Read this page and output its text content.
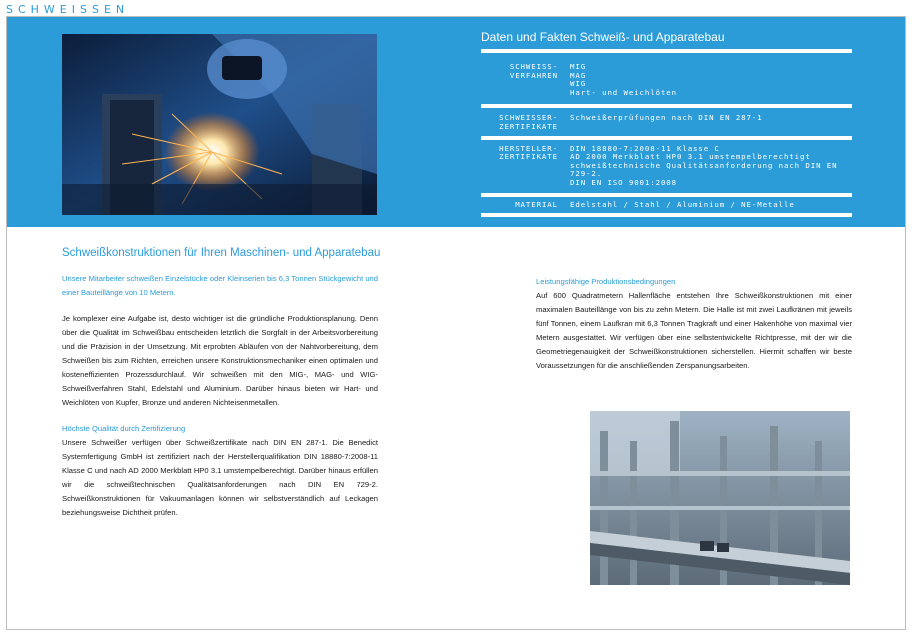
SCHWEISSEN
Daten und Fakten Schweiß- und Apparatebau
SCHWEISS-
VERFAHREN
MIG
MAG
WIG
Hart- und Weichlöten
SCHWEISSER-
ZERTIFIKATE
Schweißerprüfungen nach DIN EN 287-1
HERSTELLER-
ZERTIFIKATE
DIN 18880-7:2008-11 Klasse C
AD 2000 Merkblatt HP0 3.1 umstempelberechtigt
schweißtechnische Qualitätsanforderung nach DIN EN 729-2.
DIN EN ISO 9001:2008
MATERIAL Edelstahl / Stahl / Aluminium / NE-Metalle
Schweißkonstruktionen für Ihren Maschinen- und Apparatebau

Unsere Mitarbeiter schweißen Einzelstücke oder Kleinserien bis 6,3 Tonnen Stückgewicht und einer Bauteillänge von 10 Metern.

Je komplexer eine Aufgabe ist, desto wichtiger ist die gründliche Produktionsplanung. Denn über die Qualität im Schweißbau entscheiden letztlich die Sorgfalt in der Arbeitsvorbereitung und die Präzision in der Umsetzung. Mit erprobten Abläufen von der Nahtvorbereitung, dem Schweißen bis zum Richten, erreichen unsere Konstruktionsmechaniker einen optimalen und kosteneffizienten Prozessdurchlauf. Wir schweißen mit den MIG-, MAG- und WIG-Schweißverfahren Stahl, Edelstahl und Aluminium. Darüber hinaus bieten wir Hart- und Weichlöten von Kupfer, Bronze und anderen Nichteisenmetallen.

Höchste Qualität durch Zertifizierung

Unsere Schweißer verfügen über Schweißzertifikate nach DIN EN 287-1. Die Benedict Systemfertigung GmbH ist zertifiziert nach der Herstellerqualifikation DIN 18880-7:2008-11 Klasse C und nach AD 2000 Merkblatt HP0 3.1 umstempelberechtigt. Darüber hinaus erfüllen wir die schweißtechnischen Qualitätsanforderungen nach DIN EN 729-2. Schweißkonstruktionen für Vakuumanlagen können wir selbstverständlich auf Leckagen beziehungsweise Dichtheit prüfen.

Leistungsfähige Produktionsbedingungen

Auf 600 Quadratmetern Hallenfläche entstehen Ihre Schweißkonstruktionen mit einer maximalen Bauteillänge von bis zu zehn Metern. Die Halle ist mit zwei Laufkränen mit jeweils fünf Tonnen, einem Laufkran mit 6,3 Tonnen Tragkraft und einer Hakenhöhe von maximal vier Metern ausgestattet. Wir verfügen über eine selbstentwickelte Richtpresse, mit der wir die Geometriegenauigkeit der Schweißkonstruktionen sicherstellen. Hiermit schaffen wir beste Voraussetzungen für die anschließenden Zerspanungsarbeiten.
